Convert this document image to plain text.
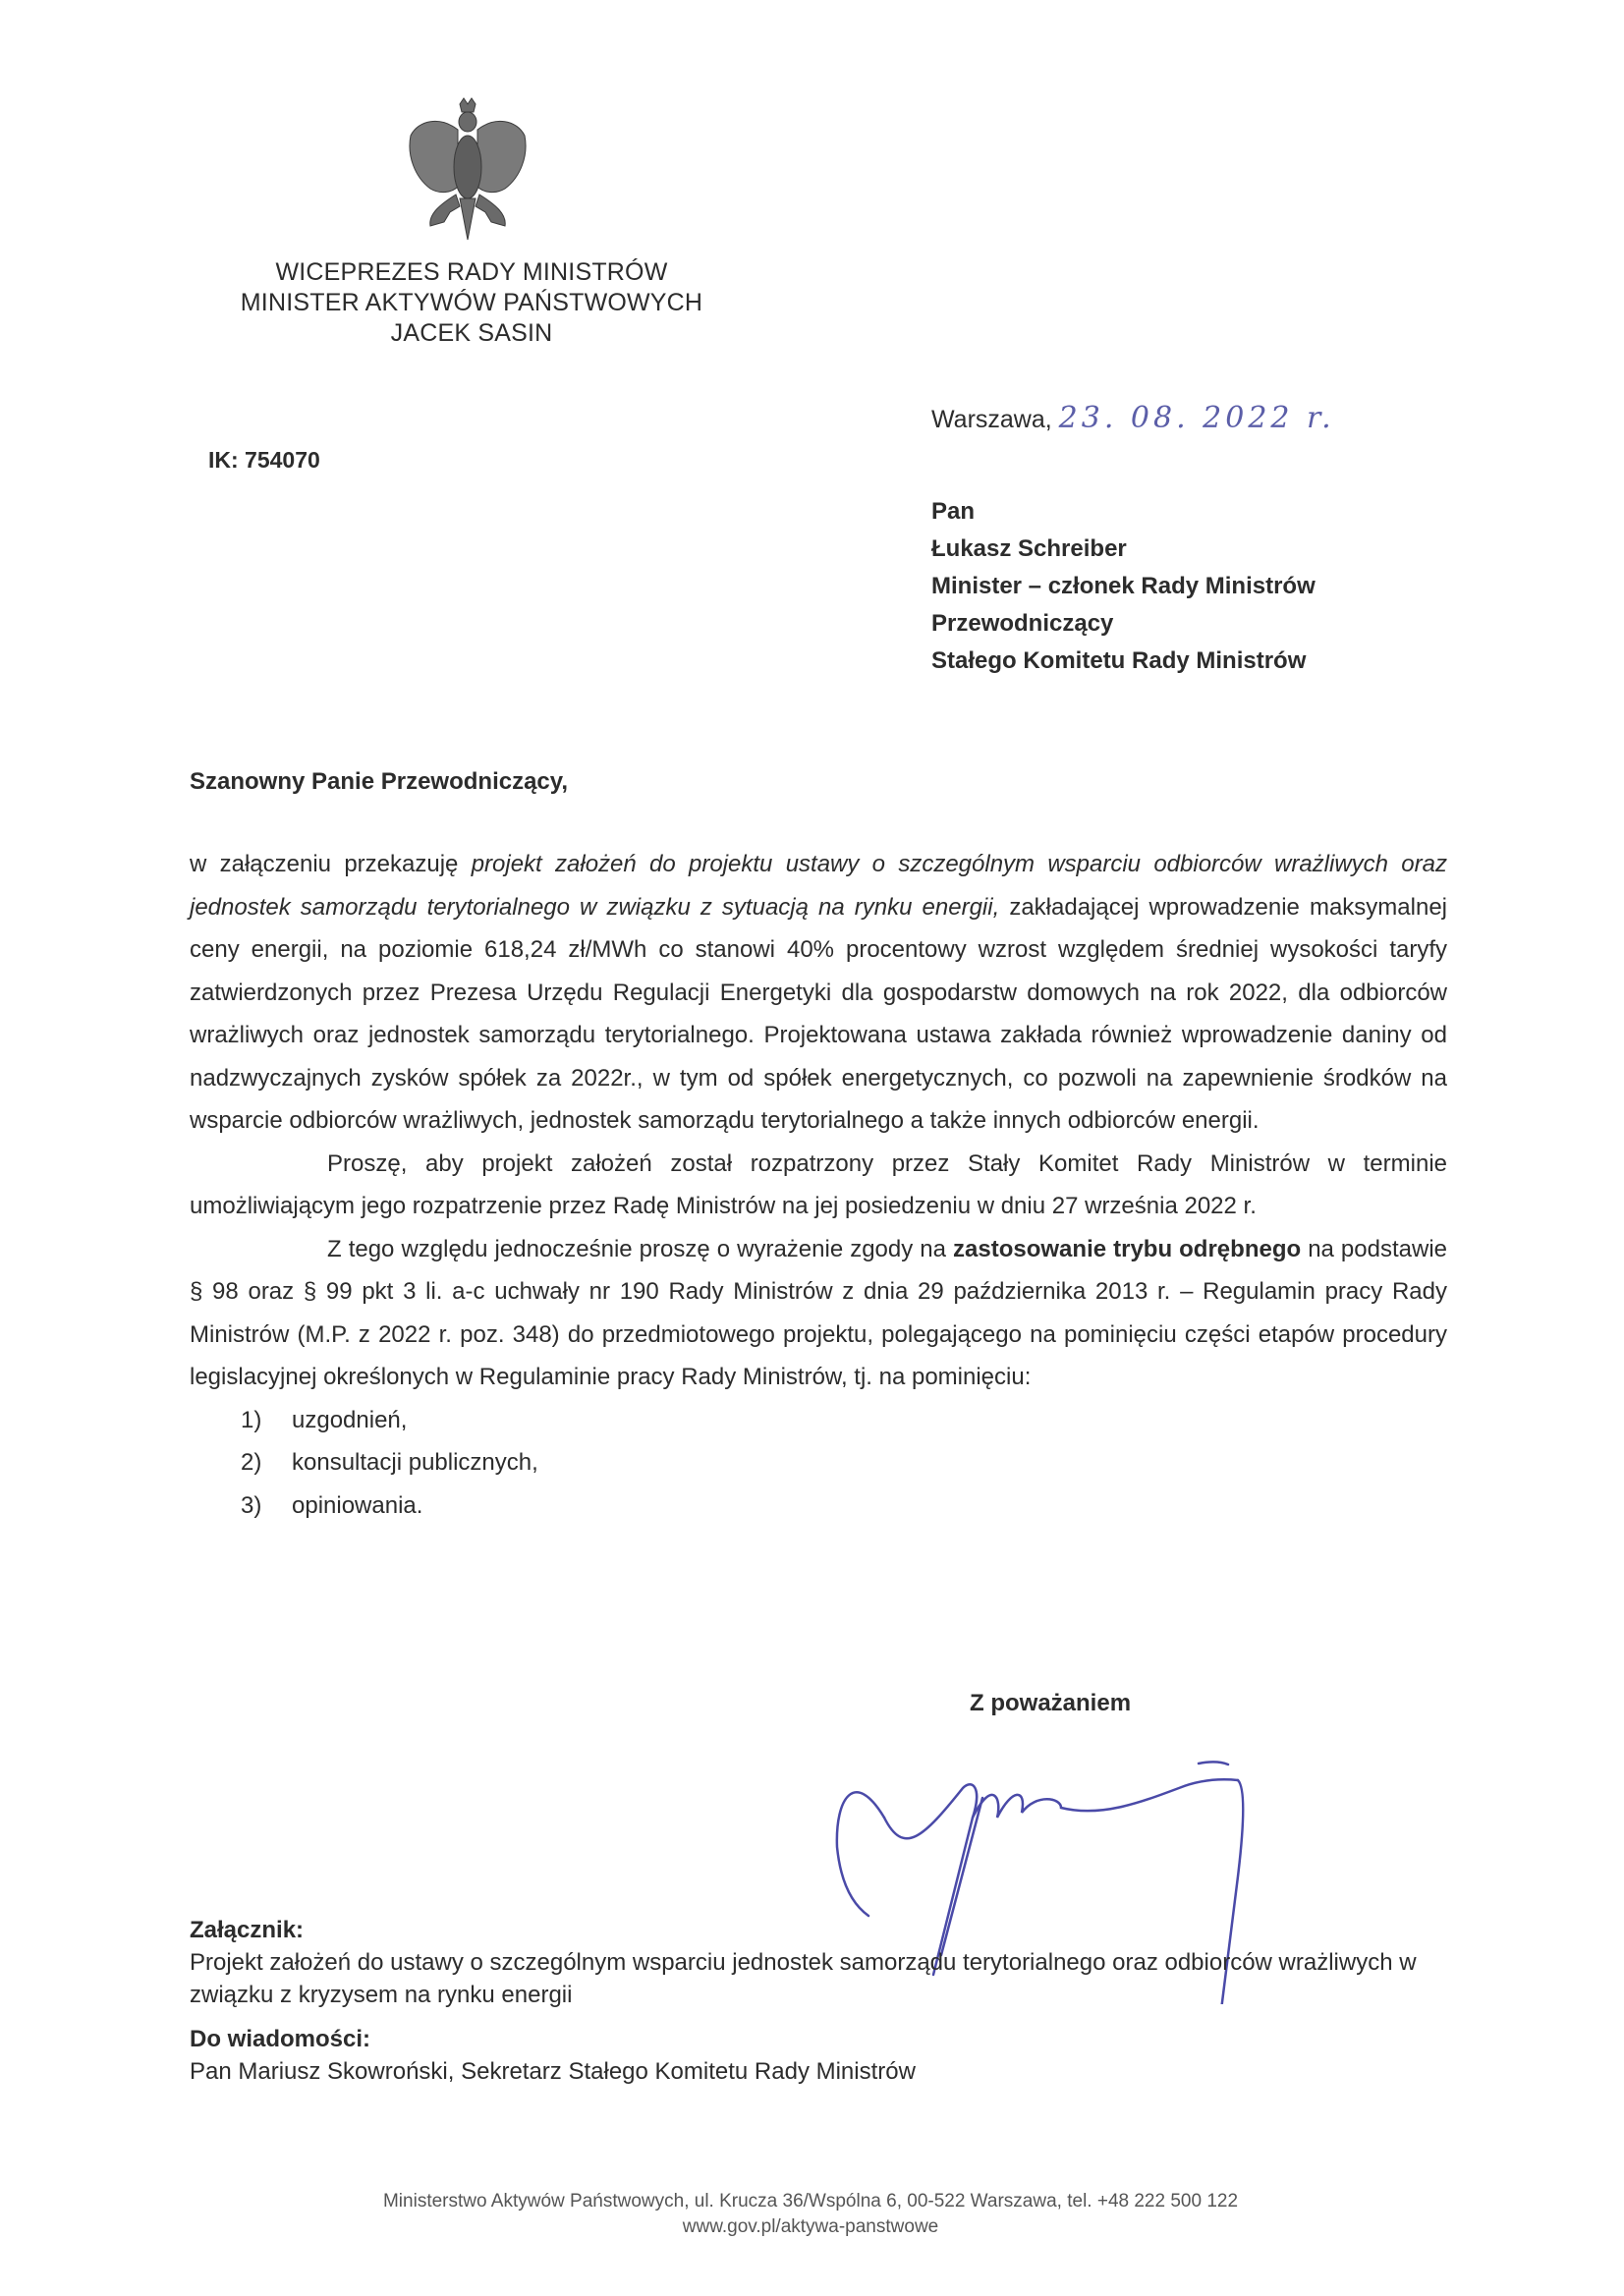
WICEPREZES RADY MINISTRÓW
MINISTER AKTYWÓW PAŃSTWOWYCH
JACEK SASIN
IK: 754070
Warszawa, 23. 08. 2022 r.
Pan
Łukasz Schreiber
Minister – członek Rady Ministrów
Przewodniczący
Stałego Komitetu Rady Ministrów
Szanowny Panie Przewodniczący,

w załączeniu przekazuję projekt założeń do projektu ustawy o szczególnym wsparciu odbiorców wrażliwych oraz jednostek samorządu terytorialnego w związku z sytuacją na rynku energii, zakładającej wprowadzenie maksymalnej ceny energii, na poziomie 618,24 zł/MWh co stanowi 40% procentowy wzrost względem średniej wysokości taryfy zatwierdzonych przez Prezesa Urzędu Regulacji Energetyki dla gospodarstw domowych na rok 2022, dla odbiorców wrażliwych oraz jednostek samorządu terytorialnego. Projektowana ustawa zakłada również wprowadzenie daniny od nadzwyczajnych zysków spółek za 2022r., w tym od spółek energetycznych, co pozwoli na zapewnienie środków na wsparcie odbiorców wrażliwych, jednostek samorządu terytorialnego a także innych odbiorców energii.

Proszę, aby projekt założeń został rozpatrzony przez Stały Komitet Rady Ministrów w terminie umożliwiającym jego rozpatrzenie przez Radę Ministrów na jej posiedzeniu w dniu 27 września 2022 r.

Z tego względu jednocześnie proszę o wyrażenie zgody na zastosowanie trybu odrębnego na podstawie § 98 oraz § 99 pkt 3 li. a-c uchwały nr 190 Rady Ministrów z dnia 29 października 2013 r. – Regulamin pracy Rady Ministrów (M.P. z 2022 r. poz. 348) do przedmiotowego projektu, polegającego na pominięciu części etapów procedury legislacyjnej określonych w Regulaminie pracy Rady Ministrów, tj. na pominięciu:

1) uzgodnień,
2) konsultacji publicznych,
3) opiniowania.
Z poważaniem
Załącznik:
Projekt założeń do ustawy o szczególnym wsparciu jednostek samorządu terytorialnego oraz odbiorców wrażliwych w związku z kryzysem na rynku energii
Do wiadomości:
Pan Mariusz Skowroński, Sekretarz Stałego Komitetu Rady Ministrów
Ministerstwo Aktywów Państwowych, ul. Krucza 36/Wspólna 6, 00-522 Warszawa, tel. +48 222 500 122
www.gov.pl/aktywa-panstwowe
